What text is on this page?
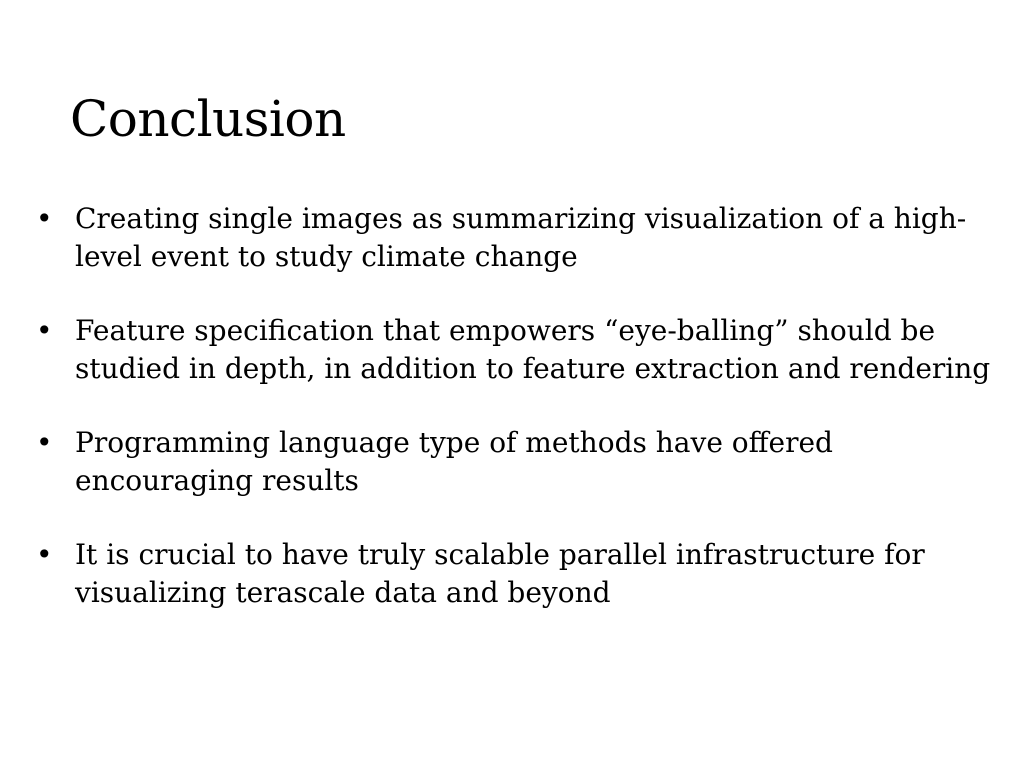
Conclusion
• Creating single images as summarizing visualization of a high-level event to study climate change
• Feature specification that empowers “eye-balling” should be studied in depth, in addition to feature extraction and rendering
• Programming language type of methods have offered encouraging results
• It is crucial to have truly scalable parallel infrastructure for visualizing terascale data and beyond
